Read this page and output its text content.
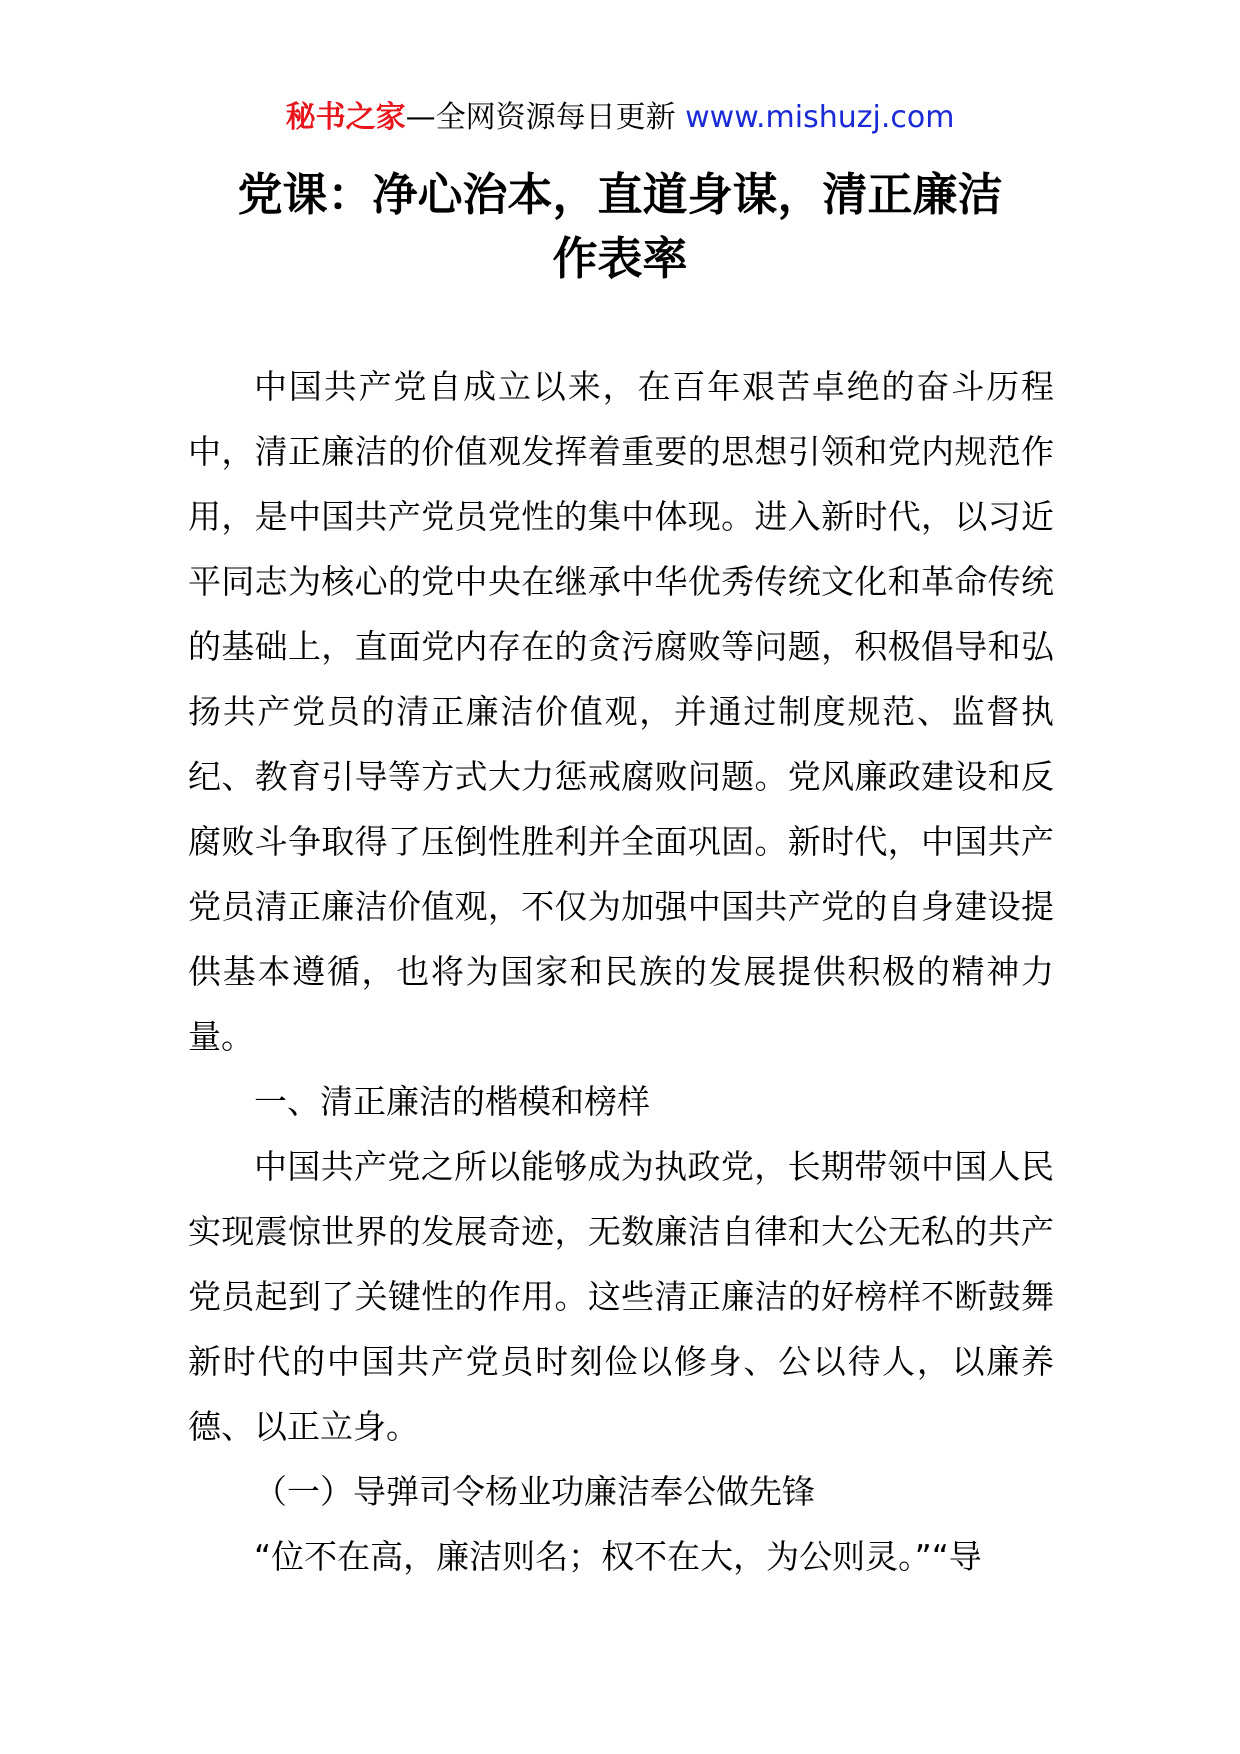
秘书之家—全网资源每日更新 www.mishuzj.com
党课：净心治本，直道身谋，清正廉洁
作表率

中国共产党自成立以来，在百年艰苦卓绝的奋斗历程中，清正廉洁的价值观发挥着重要的思想引领和党内规范作用，是中国共产党员党性的集中体现。进入新时代，以习近平同志为核心的党中央在继承中华优秀传统文化和革命传统的基础上，直面党内存在的贪污腐败等问题，积极倡导和弘扬共产党员的清正廉洁价值观，并通过制度规范、监督执纪、教育引导等方式大力惩戒腐败问题。党风廉政建设和反腐败斗争取得了压倒性胜利并全面巩固。新时代，中国共产党员清正廉洁价值观，不仅为加强中国共产党的自身建设提供基本遵循，也将为国家和民族的发展提供积极的精神力量。

一、清正廉洁的楷模和榜样

中国共产党之所以能够成为执政党，长期带领中国人民实现震惊世界的发展奇迹，无数廉洁自律和大公无私的共产党员起到了关键性的作用。这些清正廉洁的好榜样不断鼓舞新时代的中国共产党员时刻俭以修身、公以待人，以廉养德、以正立身。

（一）导弹司令杨业功廉洁奉公做先锋

“位不在高，廉洁则名；权不在大，为公则灵。”“导
